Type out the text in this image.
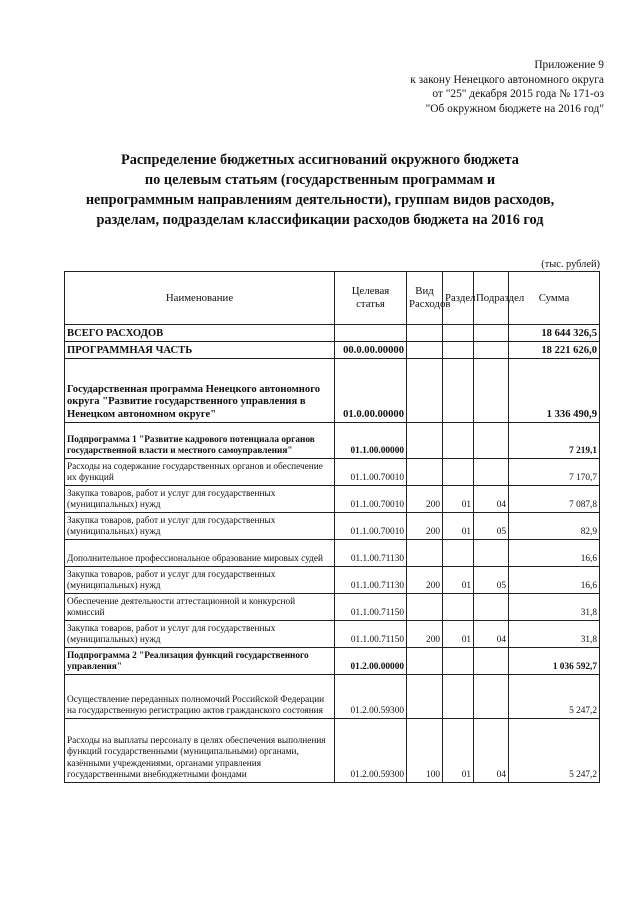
Приложение 9
к закону Ненецкого автономного округа
от "25" декабря 2015 года № 171-оз
"Об окружном бюджете на 2016 год"
Распределение бюджетных ассигнований окружного бюджета
по целевым статьям (государственным программам и
непрограммным направлениям деятельности), группам видов расходов,
разделам, подразделам классификации расходов бюджета на 2016 год
(тыс. рублей)
Наименование	Целевая статья	Вид Расходов	Раздел	Подраздел	Сумма
ВСЕГО РАСХОДОВ					18 644 326,5
ПРОГРАММНАЯ ЧАСТЬ	00.0.00.00000				18 221 626,0
Государственная программа Ненецкого автономного округа "Развитие государственного управления в Ненецком автономном округе"	01.0.00.00000				1 336 490,9
Подпрограмма 1 "Развитие кадрового потенциала органов государственной власти и местного самоуправления"	01.1.00.00000				7 219,1
Расходы на содержание государственных органов и обеспечение их функций	01.1.00.70010				7 170,7
Закупка товаров, работ и услуг для государственных (муниципальных) нужд	01.1.00.70010	200	01	04	7 087,8
Закупка товаров, работ и услуг для государственных (муниципальных) нужд	01.1.00.70010	200	01	05	82,9
Дополнительное профессиональное образование мировых судей	01.1.00.71130				16,6
Закупка товаров, работ и услуг для государственных (муниципальных) нужд	01.1.00.71130	200	01	05	16,6
Обеспечение деятельности аттестационной и конкурсной комиссий	01.1.00.71150				31,8
Закупка товаров, работ и услуг для государственных (муниципальных) нужд	01.1.00.71150	200	01	04	31,8
Подпрограмма 2 "Реализация функций государственного управления"	01.2.00.00000				1 036 592,7
Осуществление переданных полномочий Российской Федерации на государственную регистрацию актов гражданского состояния	01.2.00.59300				5 247,2
Расходы на выплаты персоналу в целях обеспечения выполнения функций государственными (муниципальными) органами, казёнными учреждениями, органами управления государственными внебюджетными фондами	01.2.00.59300	100	01	04	5 247,2
